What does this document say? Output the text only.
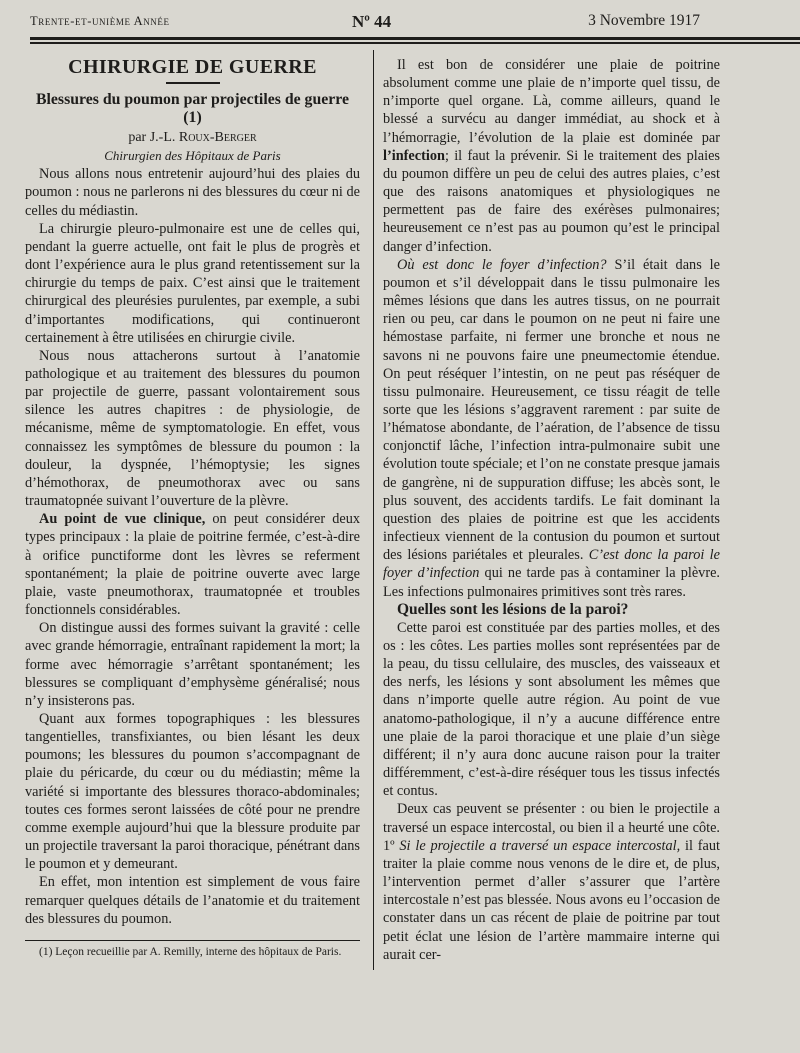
Trente-et-unième Année	Nº 44	3 Novembre 1917
CHIRURGIE DE GUERRE
Blessures du poumon par projectiles de guerre (1)

par J.-L. Roux-Berger

Chirurgien des Hôpitaux de Paris

Nous allons nous entretenir aujourd’hui des plaies du poumon : nous ne parlerons ni des blessures du cœur ni de celles du médiastin.

La chirurgie pleuro-pulmonaire est une de celles qui, pendant la guerre actuelle, ont fait le plus de progrès et dont l’expérience aura le plus grand retentissement sur la chirurgie du temps de paix. C’est ainsi que le traitement chirurgical des pleurésies purulentes, par exemple, a subi d’importantes modifications, qui continueront certainement à être utilisées en chirurgie civile.

Nous nous attacherons surtout à l’anatomie pathologique et au traitement des blessures du poumon par projectile de guerre, passant volontairement sous silence les autres chapitres : de physiologie, de mécanisme, même de symptomatologie. En effet, vous connaissez les symptômes de blessure du poumon : la douleur, la dyspnée, l’hémoptysie; les signes d’hémothorax, de pneumothorax avec ou sans traumatopnée suivant l’ouverture de la plèvre.

Au point de vue clinique, on peut considérer deux types principaux : la plaie de poitrine fermée, c’est-à-dire à orifice punctiforme dont les lèvres se referment spontanément; la plaie de poitrine ouverte avec large plaie, vaste pneumothorax, traumatopnée et troubles fonctionnels considérables.

On distingue aussi des formes suivant la gravité : celle avec grande hémorragie, entraînant rapidement la mort; la forme avec hémorragie s’arrêtant spontanément; les blessures se compliquant d’emphysème généralisé; nous n’y insisterons pas.

Quant aux formes topographiques : les blessures tangentielles, transfixiantes, ou bien lésant les deux poumons; les blessures du poumon s’accompagnant de plaie du péricarde, du cœur ou du médiastin; même la variété si importante des blessures thoraco-abdominales; toutes ces formes seront laissées de côté pour ne prendre comme exemple aujourd’hui que la blessure produite par un projectile traversant la paroi thoracique, pénétrant dans le poumon et y demeurant.

En effet, mon intention est simplement de vous faire remarquer quelques détails de l’anatomie et du traitement des blessures du poumon.

(1) Leçon recueillie par A. Remilly, interne des hôpitaux de Paris.

Il est bon de considérer une plaie de poitrine absolument comme une plaie de n’importe quel tissu, de n’importe quel organe. Là, comme ailleurs, quand le blessé a survécu au danger immédiat, au shock et à l’hémorragie, l’évolution de la plaie est dominée par l’infection; il faut la prévenir. Si le traitement des plaies du poumon diffère un peu de celui des autres plaies, c’est que des raisons anatomiques et physiologiques ne permettent pas de faire des exérèses pulmonaires; heureusement ce n’est pas au poumon qu’est le principal danger d’infection.

Où est donc le foyer d’infection? S’il était dans le poumon et s’il développait dans le tissu pulmonaire les mêmes lésions que dans les autres tissus, on ne pourrait rien ou peu, car dans le poumon on ne peut ni faire une hémostase parfaite, ni fermer une bronche et nous ne savons ni ne pouvons faire une pneumectomie étendue. On peut réséquer l’intestin, on ne peut pas réséquer de tissu pulmonaire. Heureusement, ce tissu réagit de telle sorte que les lésions s’aggravent rarement : par suite de l’hématose abondante, de l’aération, de l’absence de tissu conjonctif lâche, l’infection intra-pulmonaire subit une évolution toute spéciale; et l’on ne constate presque jamais de gangrène, ni de suppuration diffuse; les abcès sont, le plus souvent, des accidents tardifs. Le fait dominant la question des plaies de poitrine est que les accidents infectieux viennent de la contusion du poumon et surtout des lésions pariétales et pleurales. C’est donc la paroi le foyer d’infection qui ne tarde pas à contaminer la plèvre. Les infections pulmonaires primitives sont très rares.

Quelles sont les lésions de la paroi?

Cette paroi est constituée par des parties molles, et des os : les côtes. Les parties molles sont représentées par de la peau, du tissu cellulaire, des muscles, des vaisseaux et des nerfs, les lésions y sont absolument les mêmes que dans n’importe quelle autre région. Au point de vue anatomo-pathologique, il n’y a aucune différence entre une plaie de la paroi thoracique et une plaie d’un siège différent; il n’y aura donc aucune raison pour la traiter différemment, c’est-à-dire réséquer tous les tissus infectés et contus.

Deux cas peuvent se présenter : ou bien le projectile a traversé un espace intercostal, ou bien il a heurté une côte. 1º Si le projectile a traversé un espace intercostal, il faut traiter la plaie comme nous venons de le dire et, de plus, l’intervention permet d’aller s’assurer que l’artère intercostale n’est pas blessée. Nous avons eu l’occasion de constater dans un cas récent de plaie de poitrine par tout petit éclat une lésion de l’artère mammaire interne qui aurait cer-
